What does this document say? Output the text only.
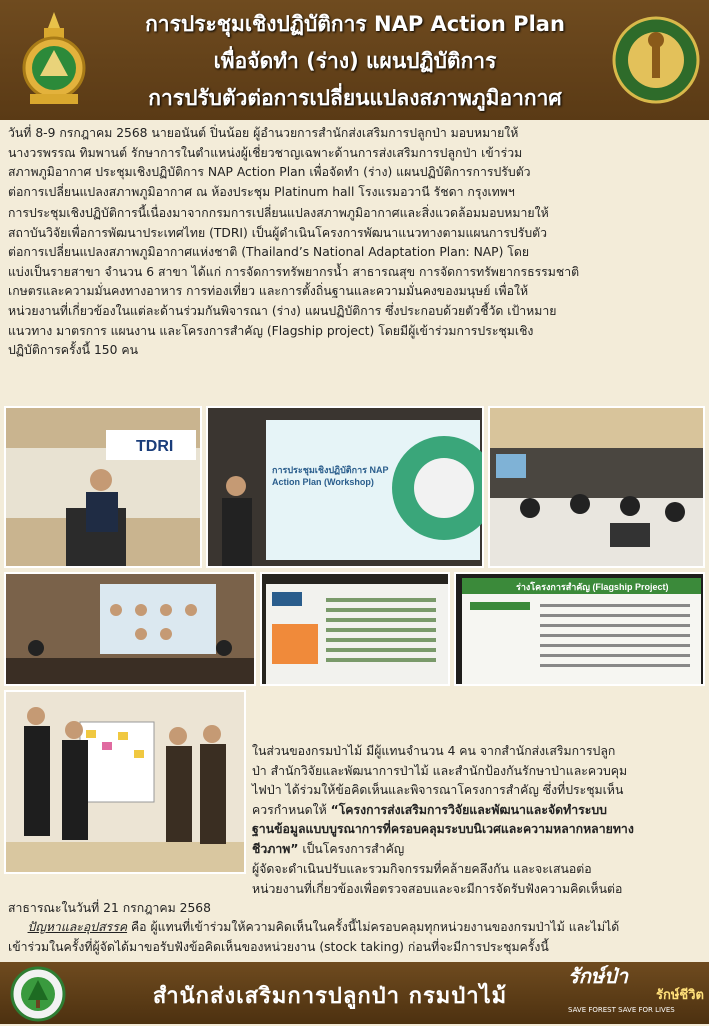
การประชุมเชิงปฏิบัติการ NAP Action Plan
เพื่อจัดทำ (ร่าง) แผนปฏิบัติการ
การปรับตัวต่อการเปลี่ยนแปลงสภาพภูมิอากาศ
วันที่ 8-9 กรกฎาคม 2568 นายอนันต์ ปิ่นน้อย ผู้อำนวยการสำนักส่งเสริมการปลูกป่า มอบหมายให้
นางวรพรรณ ทิมพานต์ รักษาการในตำแหน่งผู้เชี่ยวชาญเฉพาะด้านการส่งเสริมการปลูกป่า เข้าร่วม
สภาพภูมิอากาศ ประชุมเชิงปฏิบัติการ NAP Action Plan เพื่อจัดทำ (ร่าง) แผนปฏิบัติการการปรับตัว
ต่อการเปลี่ยนแปลงสภาพภูมิอากาศ ณ ห้องประชุม Platinum hall โรงแรมอวานี รัชดา กรุงเทพฯ
การประชุมเชิงปฏิบัติการนี้เนื่องมาจากกรมการเปลี่ยนแปลงสภาพภูมิอากาศและสิ่งแวดล้อมมอบหมายให้
สถาบันวิจัยเพื่อการพัฒนาประเทศไทย (TDRI) เป็นผู้ดำเนินโครงการพัฒนาแนวทางตามแผนการปรับตัว
ต่อการเปลี่ยนแปลงสภาพภูมิอากาศแห่งชาติ (Thailand’s National Adaptation Plan: NAP) โดย
แบ่งเป็นรายสาขา จำนวน 6 สาขา ได้แก่ การจัดการทรัพยากรน้ำ สาธารณสุข การจัดการทรัพยากรธรรมชาติ
เกษตรและความมั่นคงทางอาหาร การท่องเที่ยว และการตั้งถิ่นฐานและความมั่นคงของมนุษย์ เพื่อให้
หน่วยงานที่เกี่ยวข้องในแต่ละด้านร่วมกันพิจารณา (ร่าง) แผนปฏิบัติการ ซึ่งประกอบด้วยตัวชี้วัด เป้าหมาย
แนวทาง มาตรการ แผนงาน และโครงการสำคัญ (Flagship project) โดยมีผู้เข้าร่วมการประชุมเชิง
ปฏิบัติการครั้งนี้ 150 คน
TDRI
การประชุมเชิงปฏิบัติการ NAP Action Plan (Workshop)
ร่างโครงการสำคัญ (Flagship Project)
ในส่วนของกรมป่าไม้ มีผู้แทนจำนวน 4 คน จากสำนักส่งเสริมการปลูก
ป่า สำนักวิจัยและพัฒนาการป่าไม้ และสำนักป้องกันรักษาป่าและควบคุม
ไฟป่า ได้ร่วมให้ข้อคิดเห็นและพิจารณาโครงการสำคัญ ซึ่งที่ประชุมเห็น
ควรกำหนดให้ “โครงการส่งเสริมการวิจัยและพัฒนาและจัดทำระบบ
ฐานข้อมูลแบบบูรณาการที่ครอบคลุมระบบนิเวศและความหลากหลายทาง
ชีวภาพ” เป็นโครงการสำคัญ
ผู้จัดจะดำเนินปรับและรวมกิจกรรมที่คล้ายคลึงกัน และจะเสนอต่อ
หน่วยงานที่เกี่ยวข้องเพื่อตรวจสอบและจะมีการจัดรับฟังความคิดเห็นต่อ
สาธารณะในวันที่ 21 กรกฎาคม 2568
ปัญหาและอุปสรรค คือ ผู้แทนที่เข้าร่วมให้ความคิดเห็นในครั้งนี้ไม่ครอบคลุมทุกหน่วยงานของกรมป่าไม้ และไม่ได้
เข้าร่วมในครั้งที่ผู้จัดได้มาขอรับฟังข้อคิดเห็นของหน่วยงาน (stock taking) ก่อนที่จะมีการประชุมครั้งนี้
สำนักส่งเสริมการปลูกป่า กรมป่าไม้
รักษ์ป่า
รักษ์ชีวิต
SAVE FOREST SAVE FOR LIVES
